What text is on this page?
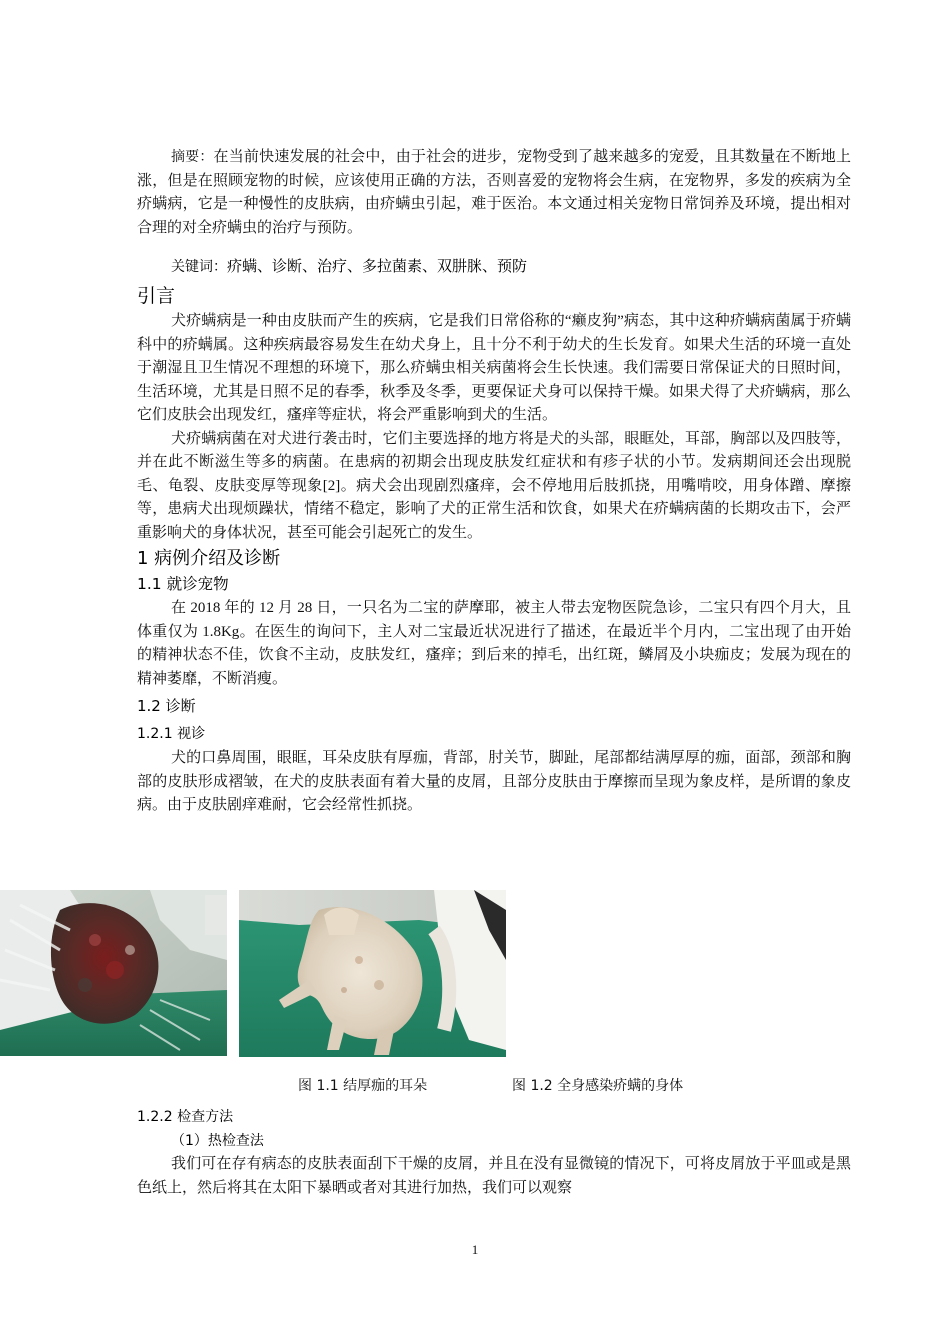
摘要：在当前快速发展的社会中，由于社会的进步，宠物受到了越来越多的宠爱，且其数量在不断地上涨，但是在照顾宠物的时候，应该使用正确的方法，否则喜爱的宠物将会生病，在宠物界，多发的疾病为全疥螨病，它是一种慢性的皮肤病，由疥螨虫引起，难于医治。本文通过相关宠物日常饲养及环境，提出相对合理的对全疥螨虫的治疗与预防。

关键词：疥螨、诊断、治疗、多拉菌素、双肼脒、预防

引言

犬疥螨病是一种由皮肤而产生的疾病，它是我们日常俗称的“癞皮狗”病态，其中这种疥螨病菌属于疥螨科中的疥螨属。这种疾病最容易发生在幼犬身上，且十分不利于幼犬的生长发育。如果犬生活的环境一直处于潮湿且卫生情况不理想的环境下，那么疥螨虫相关病菌将会生长快速。我们需要日常保证犬的日照时间，生活环境，尤其是日照不足的春季，秋季及冬季，更要保证犬身可以保持干燥。如果犬得了犬疥螨病，那么它们皮肤会出现发红，瘙痒等症状，将会严重影响到犬的生活。

犬疥螨病菌在对犬进行袭击时，它们主要选择的地方将是犬的头部，眼眶处，耳部，胸部以及四肢等，并在此不断滋生等多的病菌。在患病的初期会出现皮肤发红症状和有疹子状的小节。发病期间还会出现脱毛、龟裂、皮肤变厚等现象[2]。病犬会出现剧烈瘙痒，会不停地用后肢抓挠，用嘴啃咬，用身体蹭、摩擦等，患病犬出现烦躁状，情绪不稳定，影响了犬的正常生活和饮食，如果犬在疥螨病菌的长期攻击下，会严重影响犬的身体状况，甚至可能会引起死亡的发生。

1 病例介绍及诊断
1.1 就诊宠物

在 2018 年的 12 月 28 日，一只名为二宝的萨摩耶，被主人带去宠物医院急诊，二宝只有四个月大，且体重仅为 1.8Kg。在医生的询问下，主人对二宝最近状况进行了描述，在最近半个月内，二宝出现了由开始的精神状态不佳，饮食不主动，皮肤发红，瘙痒；到后来的掉毛，出红斑，鳞屑及小块痂皮；发展为现在的精神萎靡，不断消瘦。

1.2 诊断
1.2.1 视诊

犬的口鼻周围，眼眶，耳朵皮肤有厚痂，背部，肘关节，脚趾，尾部都结满厚厚的痂，面部，颈部和胸部的皮肤形成褶皱，在犬的皮肤表面有着大量的皮屑，且部分皮肤由于摩擦而呈现为象皮样，是所谓的象皮病。由于皮肤剧痒难耐，它会经常性抓挠。

图 1.1 结厚痂的耳朵	图 1.2 全身感染疥螨的身体
1.2.2 检查方法

（1）热检查法

我们可在存有病态的皮肤表面刮下干燥的皮屑，并且在没有显微镜的情况下，可将皮屑放于平皿或是黑色纸上，然后将其在太阳下暴晒或者对其进行加热，我们可以观察

1
